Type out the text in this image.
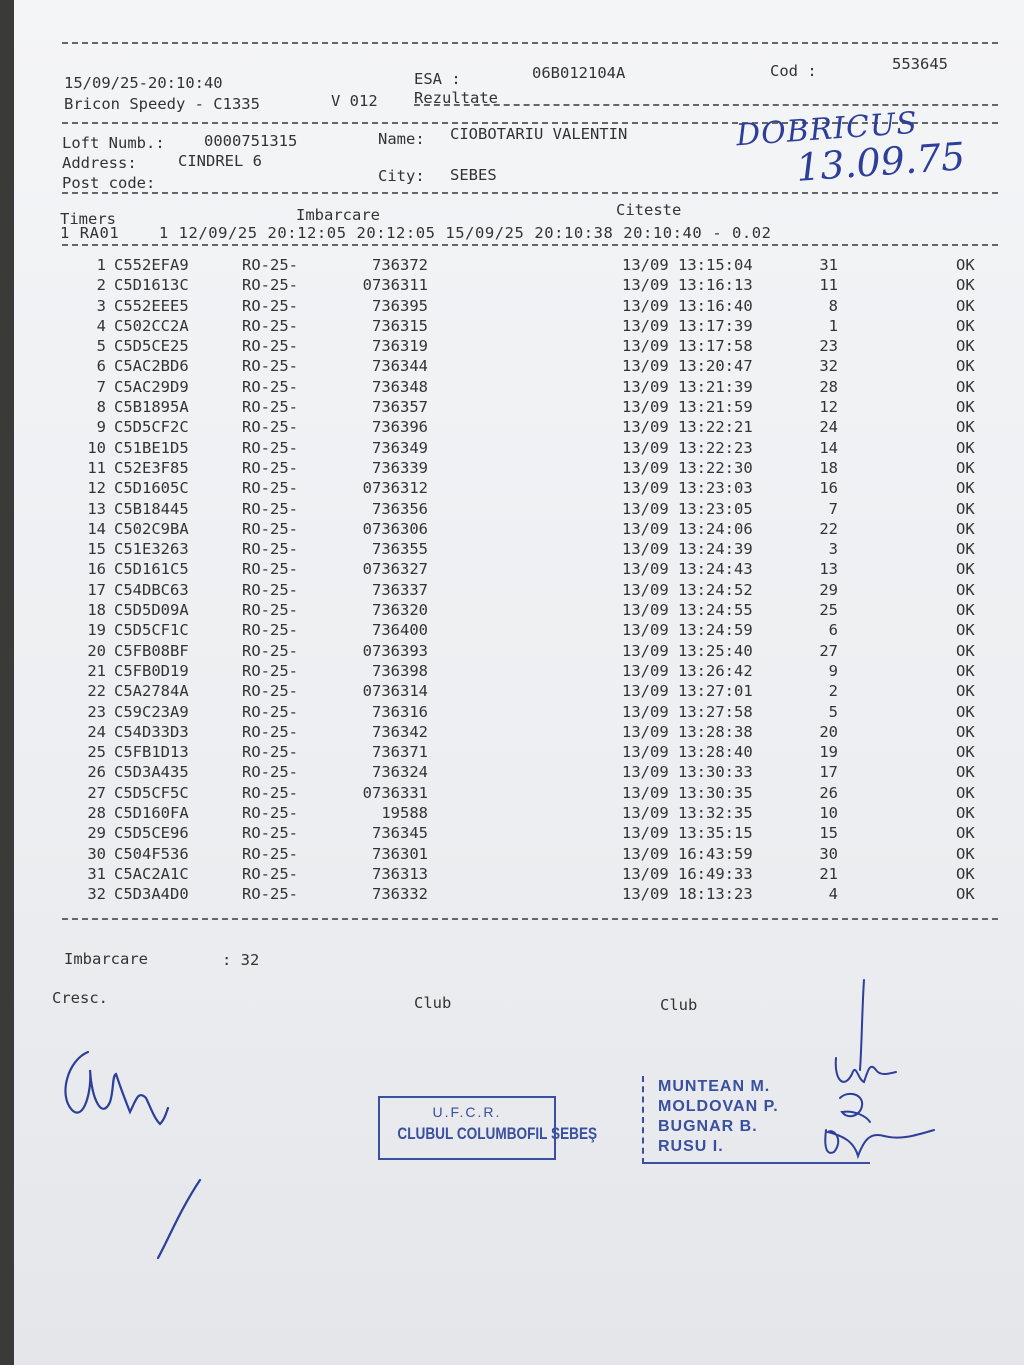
15/09/25-20:10:40	ESA :	06B012104A	Cod :	553645
Bricon Speedy - C1335	V 012 Rezultate
Loft Numb.:	0000751315	Name: CIOBOTARIU VALENTIN
Address:	CINDREL 6
Post code:	City: SEBES
DOBRICUS
13.09.75
Timers	Imbarcare	Citeste
1 RA01    1 12/09/25 20:12:05 20:12:05 15/09/25 20:10:38 20:10:40 - 0.02
1 C552EFA9	RO-25-	736372	13/09 13:15:04	31	OK
2 C5D1613C	RO-25-	0736311	13/09 13:16:13	11	OK
3 C552EEE5	RO-25-	736395	13/09 13:16:40	8	OK
4 C502CC2A	RO-25-	736315	13/09 13:17:39	1	OK
5 C5D5CE25	RO-25-	736319	13/09 13:17:58	23	OK
6 C5AC2BD6	RO-25-	736344	13/09 13:20:47	32	OK
7 C5AC29D9	RO-25-	736348	13/09 13:21:39	28	OK
8 C5B1895A	RO-25-	736357	13/09 13:21:59	12	OK
9 C5D5CF2C	RO-25-	736396	13/09 13:22:21	24	OK
10 C51BE1D5	RO-25-	736349	13/09 13:22:23	14	OK
11 C52E3F85	RO-25-	736339	13/09 13:22:30	18	OK
12 C5D1605C	RO-25-	0736312	13/09 13:23:03	16	OK
13 C5B18445	RO-25-	736356	13/09 13:23:05	7	OK
14 C502C9BA	RO-25-	0736306	13/09 13:24:06	22	OK
15 C51E3263	RO-25-	736355	13/09 13:24:39	3	OK
16 C5D161C5	RO-25-	0736327	13/09 13:24:43	13	OK
17 C54DBC63	RO-25-	736337	13/09 13:24:52	29	OK
18 C5D5D09A	RO-25-	736320	13/09 13:24:55	25	OK
19 C5D5CF1C	RO-25-	736400	13/09 13:24:59	6	OK
20 C5FB08BF	RO-25-	0736393	13/09 13:25:40	27	OK
21 C5FB0D19	RO-25-	736398	13/09 13:26:42	9	OK
22 C5A2784A	RO-25-	0736314	13/09 13:27:01	2	OK
23 C59C23A9	RO-25-	736316	13/09 13:27:58	5	OK
24 C54D33D3	RO-25-	736342	13/09 13:28:38	20	OK
25 C5FB1D13	RO-25-	736371	13/09 13:28:40	19	OK
26 C5D3A435	RO-25-	736324	13/09 13:30:33	17	OK
27 C5D5CF5C	RO-25-	0736331	13/09 13:30:35	26	OK
28 C5D160FA	RO-25-	19588	13/09 13:32:35	10	OK
29 C5D5CE96	RO-25-	736345	13/09 13:35:15	15	OK
30 C504F536	RO-25-	736301	13/09 16:43:59	30	OK
31 C5AC2A1C	RO-25-	736313	13/09 16:49:33	21	OK
32 C5D3A4D0	RO-25-	736332	13/09 18:13:23	4	OK
Imbarcare	: 32
Cresc.	Club	Club
U.F.C.R.
CLUBUL COLUMBOFIL SEBEŞ
MUNTEAN M.
MOLDOVAN P.
BUGNAR B.
RUSU I.
